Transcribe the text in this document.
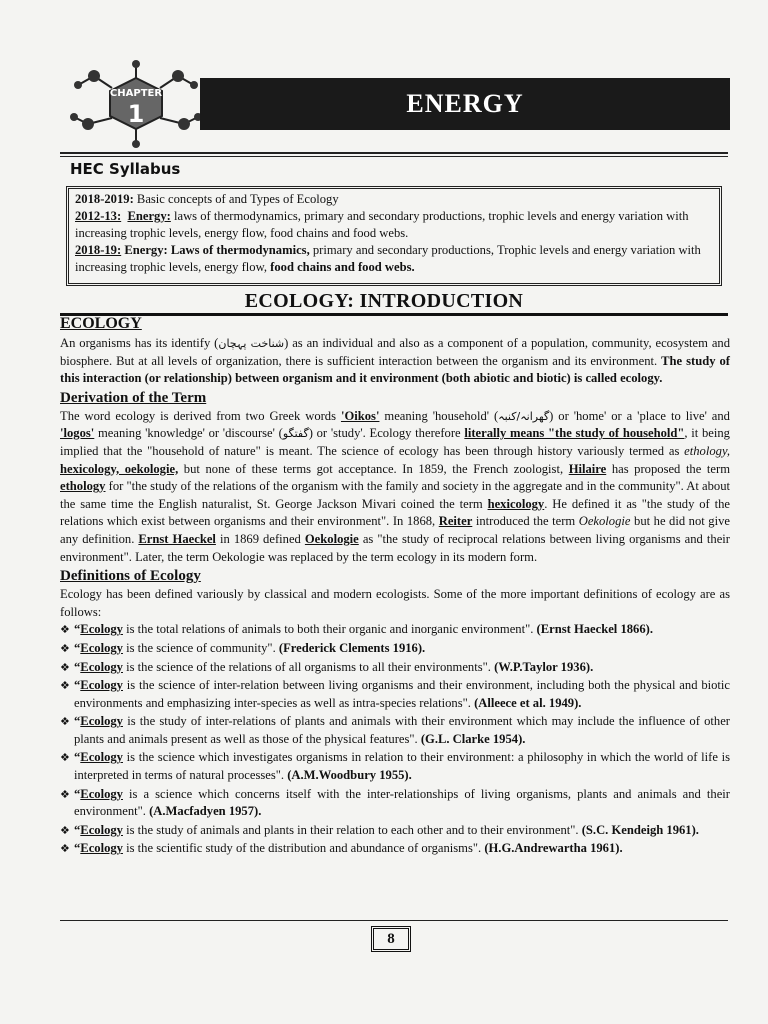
CHAPTER
1	ENERGY
HEC Syllabus

2018-2019: Basic concepts of and Types of Ecology

2012-13: Energy: laws of thermodynamics, primary and secondary productions, trophic levels and energy variation with increasing trophic levels, energy flow, food chains and food webs.

2018-19: Energy: Laws of thermodynamics, primary and secondary productions, Trophic levels and energy variation with increasing trophic levels, energy flow, food chains and food webs.

ECOLOGY: INTRODUCTION

ECOLOGY

An organisms has its identify (شناخت پہچان) as an individual and also as a component of a population, community, ecosystem and biosphere. But at all levels of organization, there is sufficient interaction between the organism and its environment. The study of this interaction (or relationship) between organism and it environment (both abiotic and biotic) is called ecology.

Derivation of the Term

The word ecology is derived from two Greek words 'Oikos' meaning 'household' (گھرانہ/کنبہ) or 'home' or a 'place to live' and 'logos' meaning 'knowledge' or 'discourse' (گفتگو) or 'study'. Ecology therefore literally means "the study of household", it being implied that the "household of nature" is meant. The science of ecology has been through history variously termed as ethology, hexicology, oekologie, but none of these terms got acceptance. In 1859, the French zoologist, Hilaire has proposed the term ethology for "the study of the relations of the organism with the family and society in the aggregate and in the community". At about the same time the English naturalist, St. George Jackson Mivari coined the term hexicology. He defined it as "the study of the relations which exist between organisms and their environment". In 1868, Reiter introduced the term Oekologie but he did not give any definition. Ernst Haeckel in 1869 defined Oekologie as "the study of reciprocal relations between living organisms and their environment". Later, the term Oekologie was replaced by the term ecology in its modern form.

Definitions of Ecology

Ecology has been defined variously by classical and modern ecologists. Some of the more important definitions of ecology are as follows:

❖ “Ecology is the total relations of animals to both their organic and inorganic environment". (Ernst Haeckel 1866).
❖ “Ecology is the science of community". (Frederick Clements 1916).
❖ “Ecology is the science of the relations of all organisms to all their environments". (W.P.Taylor 1936).
❖ “Ecology is the science of inter-relation between living organisms and their environment, including both the physical and biotic environments and emphasizing inter-species as well as intra-species relations". (Alleece et al. 1949).
❖ “Ecology is the study of inter-relations of plants and animals with their environment which may include the influence of other plants and animals present as well as those of the physical features". (G.L. Clarke 1954).
❖ “Ecology is the science which investigates organisms in relation to their environment: a philosophy in which the world of life is interpreted in terms of natural processes". (A.M.Woodbury 1955).
❖ “Ecology is a science which concerns itself with the inter-relationships of living organisms, plants and animals and their environment". (A.Macfadyen 1957).
❖ “Ecology is the study of animals and plants in their relation to each other and to their environment". (S.C. Kendeigh 1961).
❖ “Ecology is the scientific study of the distribution and abundance of organisms". (H.G.Andrewartha 1961).
8
